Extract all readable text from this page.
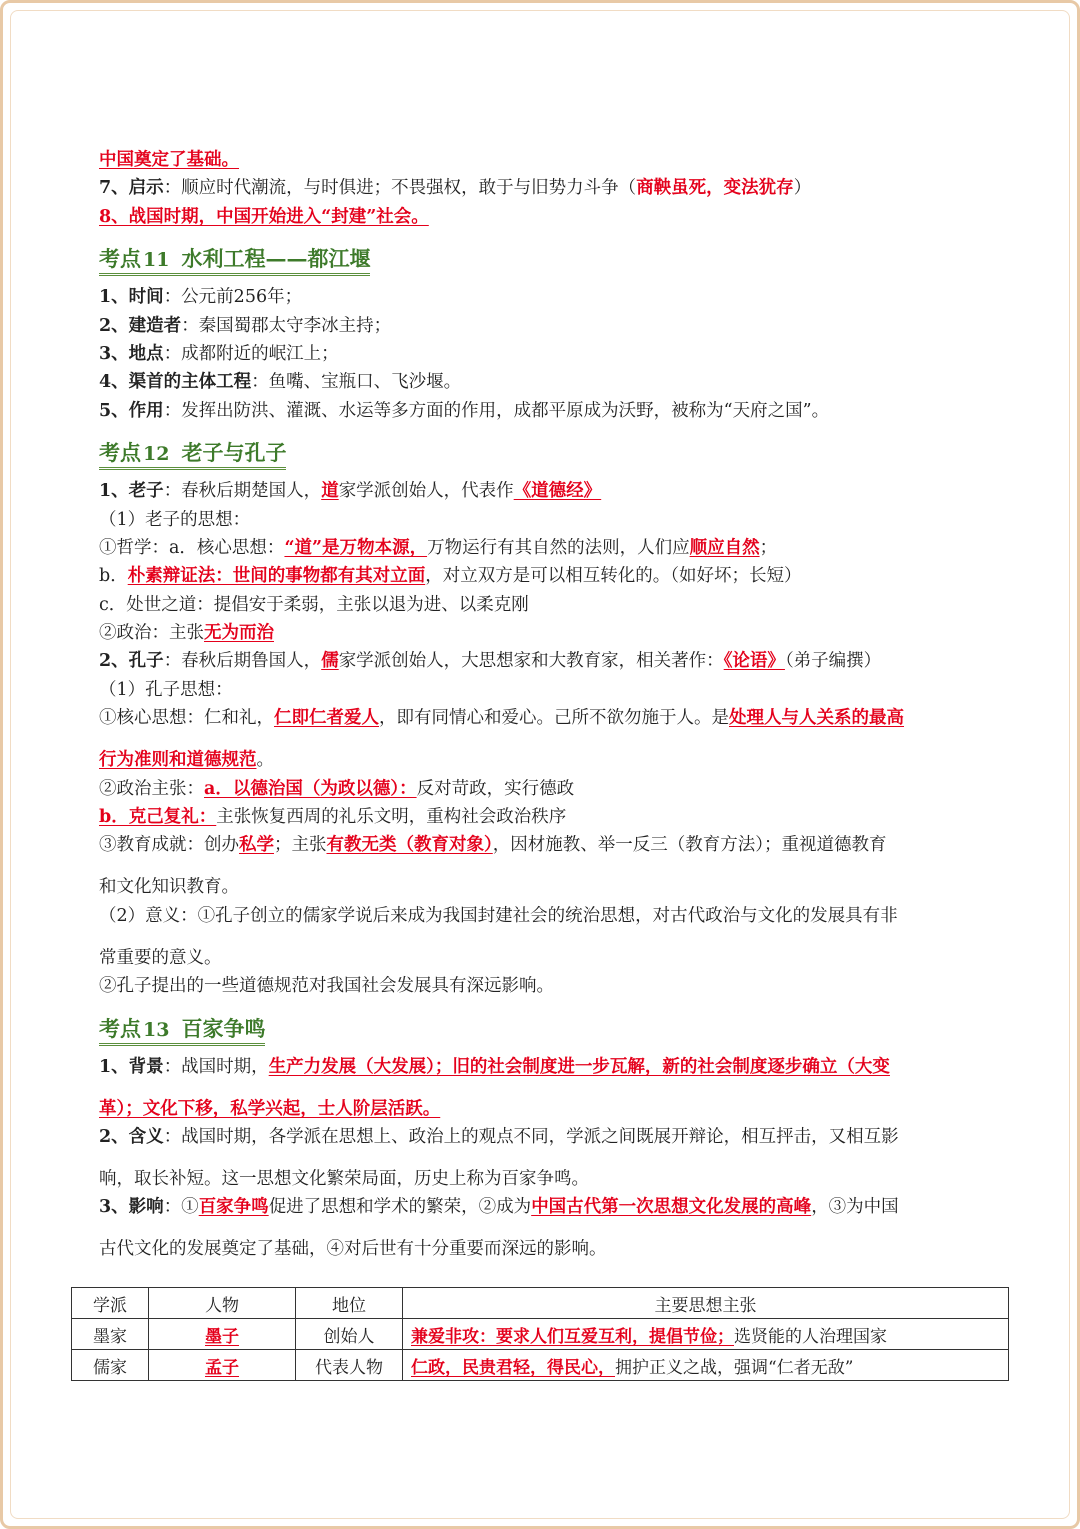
中国奠定了基础。
7、启示：顺应时代潮流，与时俱进；不畏强权，敢于与旧势力斗争（商鞅虽死，变法犹存）
8、战国时期，中国开始进入“封建”社会。
考点 11 水利工程——都江堰
1、时间：公元前256年；
2、建造者：秦国蜀郡太守李冰主持；
3、地点：成都附近的岷江上；
4、渠首的主体工程：鱼嘴、宝瓶口、飞沙堰。
5、作用：发挥出防洪、灌溉、水运等多方面的作用，成都平原成为沃野，被称为“天府之国”。
考点 12 老子与孔子
1、老子：春秋后期楚国人，道家学派创始人，代表作《道德经》
（1）老子的思想：
①哲学：a．核心思想：“道”是万物本源，万物运行有其自然的法则，人们应顺应自然；
b．朴素辩证法：世间的事物都有其对立面，对立双方是可以相互转化的。（如好坏；长短）
c．处世之道：提倡安于柔弱，主张以退为进、以柔克刚
②政治：主张无为而治
2、孔子：春秋后期鲁国人，儒家学派创始人，大思想家和大教育家，相关著作：《论语》（弟子编撰）
（1）孔子思想：
①核心思想：仁和礼，仁即仁者爱人，即有同情心和爱心。己所不欲勿施于人。是处理人与人关系的最高
行为准则和道德规范。
②政治主张：a．以德治国（为政以德）：反对苛政，实行德政
b．克己复礼：主张恢复西周的礼乐文明，重构社会政治秩序
③教育成就：创办私学；主张有教无类（教育对象），因材施教、举一反三（教育方法）；重视道德教育
和文化知识教育。
（2）意义：①孔子创立的儒家学说后来成为我国封建社会的统治思想，对古代政治与文化的发展具有非
常重要的意义。
②孔子提出的一些道德规范对我国社会发展具有深远影响。
考点 13 百家争鸣
1、背景：战国时期，生产力发展（大发展）；旧的社会制度进一步瓦解，新的社会制度逐步确立（大变
革）；文化下移，私学兴起，士人阶层活跃。
2、含义：战国时期，各学派在思想上、政治上的观点不同，学派之间既展开辩论，相互抨击，又相互影
响，取长补短。这一思想文化繁荣局面，历史上称为百家争鸣。
3、影响：①百家争鸣促进了思想和学术的繁荣，②成为中国古代第一次思想文化发展的高峰，③为中国
古代文化的发展奠定了基础，④对后世有十分重要而深远的影响。
学派	人物	地位	主要思想主张
墨家	墨子	创始人	兼爱非攻：要求人们互爱互利，提倡节俭；选贤能的人治理国家
儒家	孟子	代表人物	仁政，民贵君轻，得民心，拥护正义之战，强调“仁者无敌”
